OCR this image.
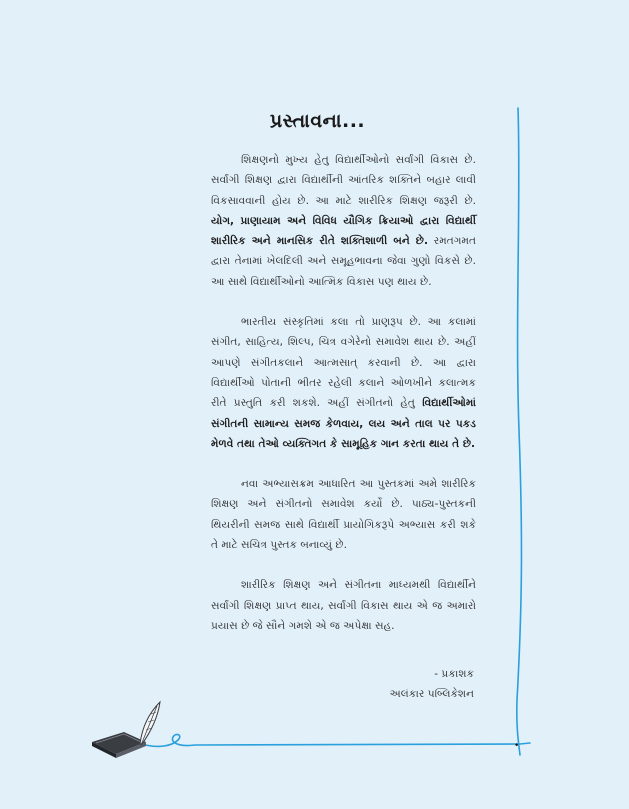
પ્રસ્તાવના...

શિક્ષણનો મુખ્ય હેતુ વિદ્યાર્થીઓનો સર્વાંગી વિકાસ છે. સર્વાંગી શિક્ષણ દ્વારા વિદ્યાર્થીની આંતરિક શક્તિને બહાર લાવી વિકસાવવાની હોય છે. આ માટે શારીરિક શિક્ષણ જરૂરી છે. યોગ, પ્રાણાયામ અને વિવિધ યૌગિક ક્રિયાઓ દ્વારા વિદ્યાર્થી શારીરિક અને માનસિક રીતે શક્તિશાળી બને છે. રમતગમત દ્વારા તેનામાં ખેલદિલી અને સમૂહભાવના જેવા ગુણો વિકસે છે. આ સાથે વિદ્યાર્થીઓનો આત્મિક વિકાસ પણ થાય છે.

ભારતીય સંસ્કૃતિમાં કલા તો પ્રાણરૂપ છે. આ કલામાં સંગીત, સાહિત્ય, શિલ્પ, ચિત્ર વગેરેનો સમાવેશ થાય છે. અહીં આપણે સંગીતકલાને આત્મસાત્ કરવાની છે. આ દ્વારા વિદ્યાર્થીઓ પોતાની ભીતર રહેલી કલાને ઓળખીને કલાત્મક રીતે પ્રસ્તુતિ કરી શકશે. અહીં સંગીતનો હેતુ વિદ્યાર્થીઓમાં સંગીતની સામાન્ય સમજ કેળવાય, લય અને તાલ પર પકડ મેળવે તથા તેઓ વ્યક્તિગત કે સામૂહિક ગાન કરતા થાય તે છે.

નવા અભ્યાસક્રમ આધારિત આ પુસ્તકમાં અમે શારીરિક શિક્ષણ અને સંગીતનો સમાવેશ કર્યો છે. પાઠ્ય-પુસ્તકની થિયરીની સમજ સાથે વિદ્યાર્થી પ્રાયોગિકરૂપે અભ્યાસ કરી શકે તે માટે સચિત્ર પુસ્તક બનાવ્યું છે.

શારીરિક શિક્ષણ અને સંગીતના માધ્યમથી વિદ્યાર્થીને સર્વાંગી શિક્ષણ પ્રાપ્ત થાય, સર્વાંગી વિકાસ થાય એ જ અમારો પ્રયાસ છે જે સૌને ગમશે એ જ અપેક્ષા સહ.

- પ્રકાશક
અલંકાર પબ્લિકેશન
•
